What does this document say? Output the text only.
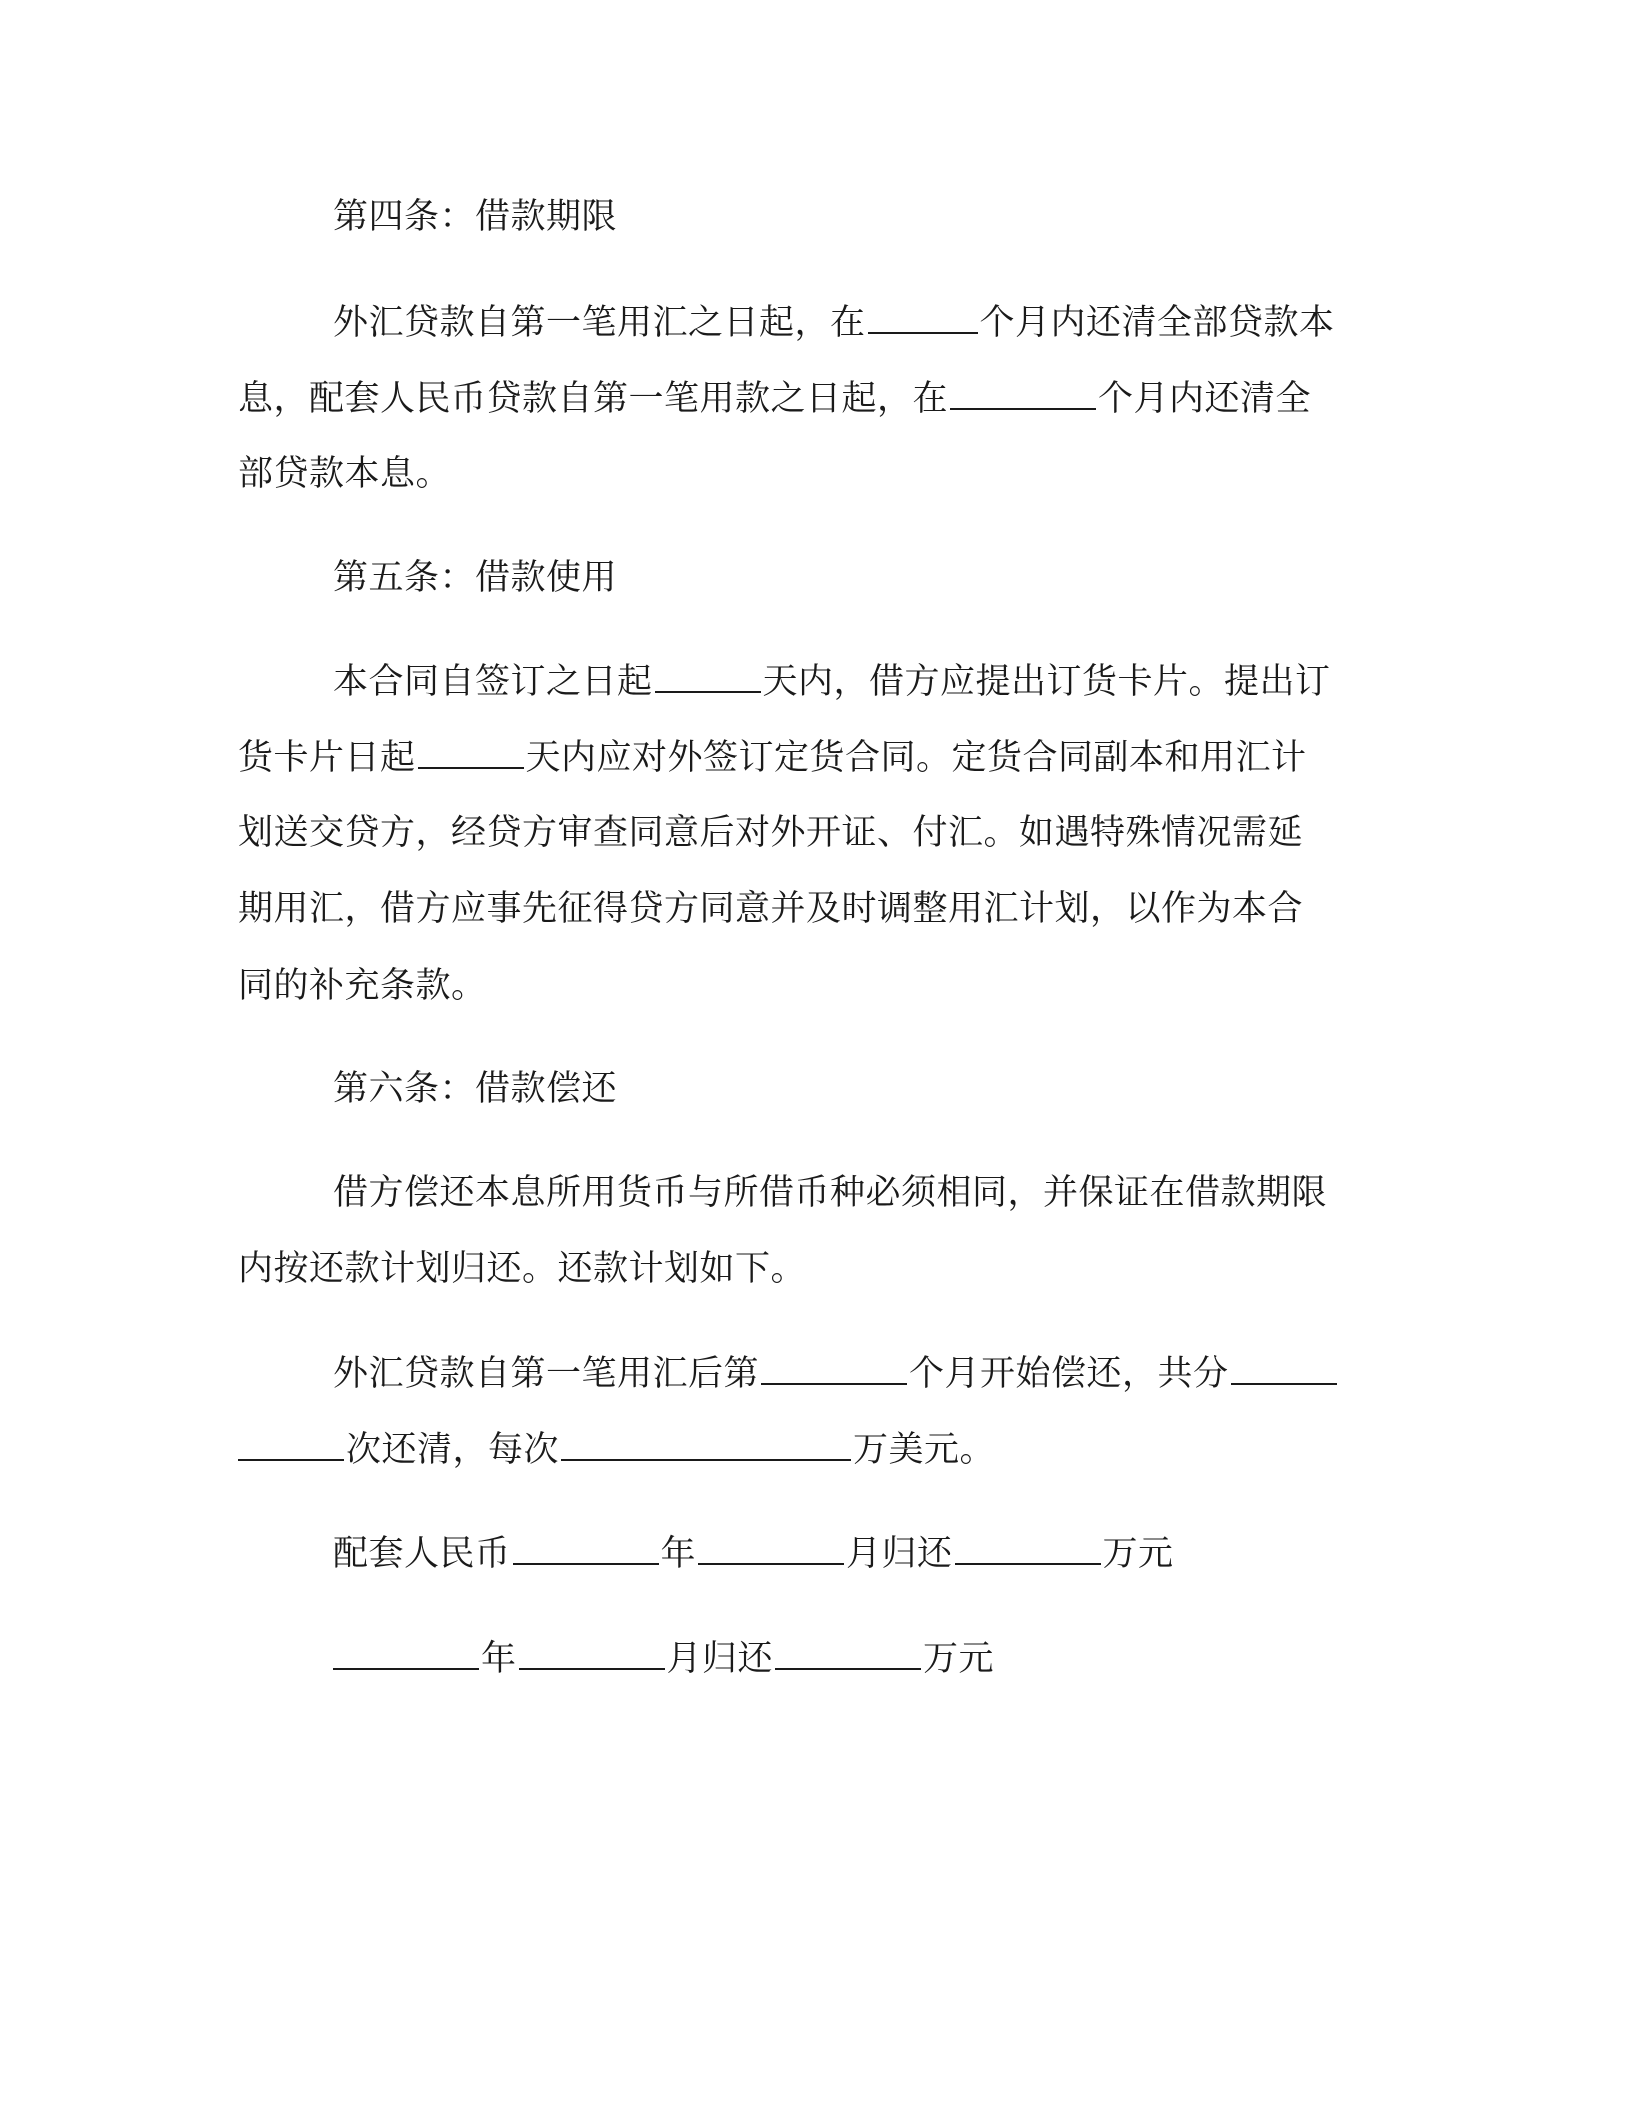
第四条：借款期限
外汇贷款自第一笔用汇之日起，在	个月内还清全部贷款本
息，配套人民币贷款自第一笔用款之日起，在	个月内还清全
部贷款本息。
第五条：借款使用
本合同自签订之日起	天内，借方应提出订货卡片。提出订
货卡片日起	天内应对外签订定货合同。定货合同副本和用汇计
划送交贷方，经贷方审查同意后对外开证、付汇。如遇特殊情况需延
期用汇，借方应事先征得贷方同意并及时调整用汇计划，以作为本合
同的补充条款。
第六条：借款偿还
借方偿还本息所用货币与所借币种必须相同，并保证在借款期限
内按还款计划归还。还款计划如下。
外汇贷款自第一笔用汇后第	个月开始偿还，共分
次还清，每次	万美元。
配套人民币	年	月归还	万元
年	月归还	万元
